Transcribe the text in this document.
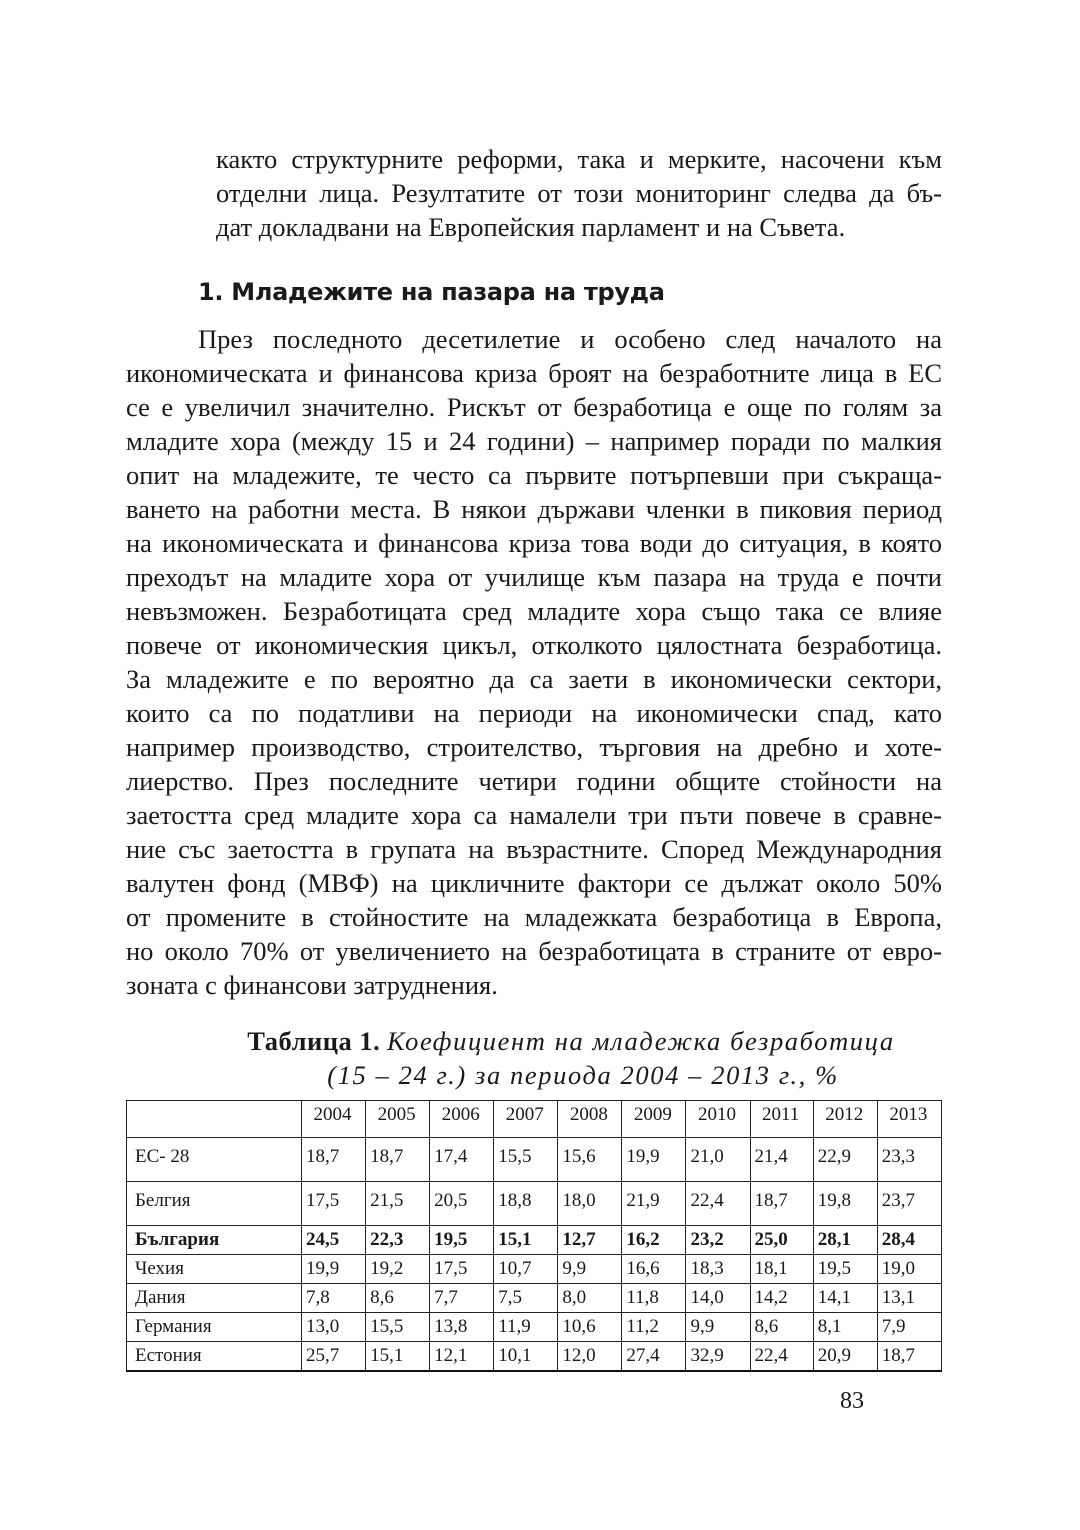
както структурните реформи, така и мерките, насочени към
отделни лица. Резултатите от този мониторинг следва да бъ-
дат докладвани на Европейския парламент и на Съвета.
1. Младежите на пазара на труда
През последното десетилетие и особено след началото на
икономическата и финансова криза броят на безработните лица в ЕС
се е увеличил значително. Рискът от безработица е още по голям за
младите хора (между 15 и 24 години) – например поради по малкия
опит на младежите, те често са първите потърпевши при съкраща-
ването на работни места. В някои държави членки в пиковия период
на икономическата и финансова криза това води до ситуация, в която
преходът на младите хора от училище към пазара на труда е почти
невъзможен. Безработицата сред младите хора също така се влияе
повече от икономическия цикъл, отколкото цялостната безработица.
За младежите е по вероятно да са заети в икономически сектори,
които са по податливи на периоди на икономически спад, като
например производство, строителство, търговия на дребно и хоте-
лиерство. През последните четири години общите стойности на
заетостта сред младите хора са намалели три пъти повече в сравне-
ние със заетостта в групата на възрастните. Според Международния
валутен фонд (МВФ) на цикличните фактори се дължат около 50%
от промените в стойностите на младежката безработица в Европа,
но около 70% от увеличението на безработицата в страните от евро-
зоната с финансови затруднения.
Таблица 1. Коефициент на младежка безработица
(15 – 24 г.) за периода 2004 – 2013 г., %
	2004	2005	2006	2007	2008	2009	2010	2011	2012	2013
ЕС- 28	18,7	18,7	17,4	15,5	15,6	19,9	21,0	21,4	22,9	23,3
Белгия	17,5	21,5	20,5	18,8	18,0	21,9	22,4	18,7	19,8	23,7
България	24,5	22,3	19,5	15,1	12,7	16,2	23,2	25,0	28,1	28,4
Чехия	19,9	19,2	17,5	10,7	9,9	16,6	18,3	18,1	19,5	19,0
Дания	7,8	8,6	7,7	7,5	8,0	11,8	14,0	14,2	14,1	13,1
Германия	13,0	15,5	13,8	11,9	10,6	11,2	9,9	8,6	8,1	7,9
Естония	25,7	15,1	12,1	10,1	12,0	27,4	32,9	22,4	20,9	18,7
83
